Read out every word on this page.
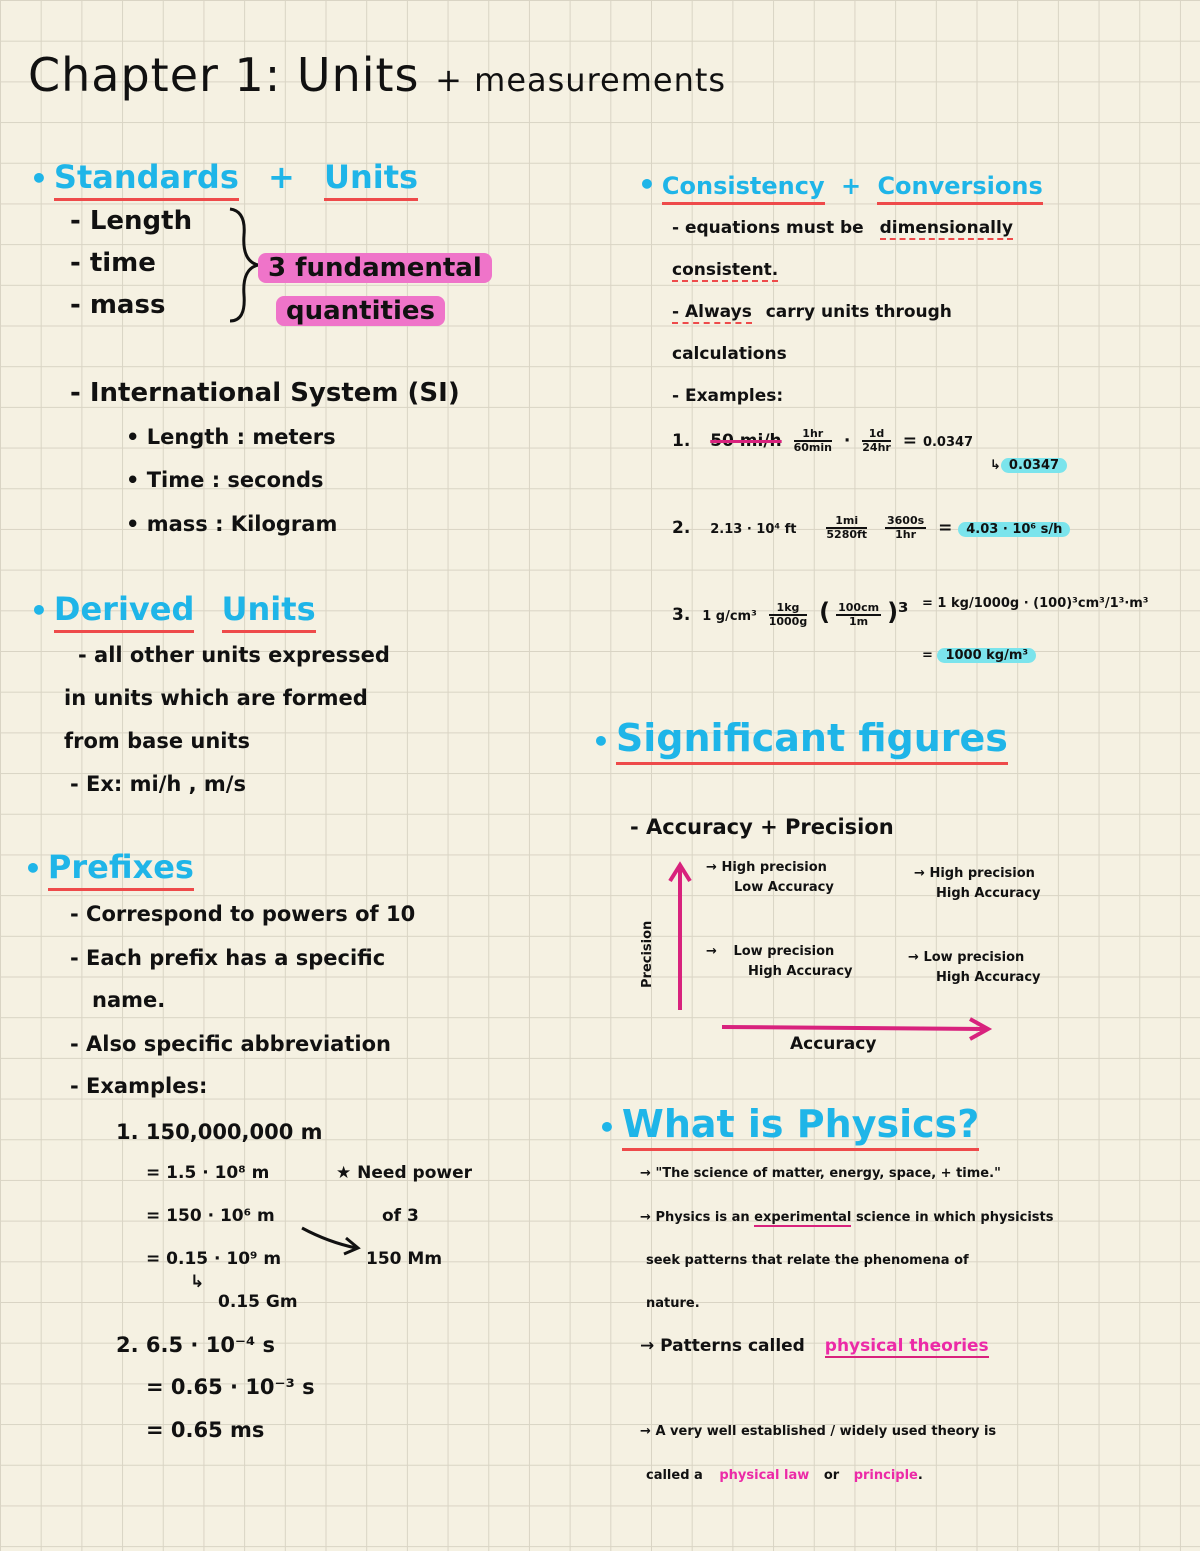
Chapter 1: Units + measurements
• Standards + Units
- Length
- time
- mass
3 fundamental
quantities
- International System (SI)
• Length : meters
• Time : seconds
• mass : Kilogram
• Derived Units
- all other units expressed
in units which are formed
from base units
- Ex: mi/h , m/s
• Prefixes
- Correspond to powers of 10
- Each prefix has a specific
name.
- Also specific abbreviation
- Examples:
1. 150,000,000 m
= 1.5 · 10⁸ m
= 150 · 10⁶ m
= 0.15 · 10⁹ m
↳
0.15 Gm
★ Need power
of 3
150 Mm
2. 6.5 · 10⁻⁴ s
= 0.65 · 10⁻³ s
= 0.65 ms
• Consistency + Conversions
- equations must be dimensionally
consistent.
- Always carry units through
calculations
- Examples:
1. 50 $mi/h \frac{1hr}{60\min} \cdot \frac{1d}{24hr} = 0.0347$
↳ 0.0347
2. 2.13 · 10⁴ ft	$\frac{1mi}{5280ft} \frac{3600s}{1hr} = 4.03 \cdot 10^6$ s/h
3. 1 $g/cm^3 \frac{1kg}{1000g}$ ( $\frac{100cm}{1m} )^3 = 1$ kg/1000g · (100)³cm³/1³·m³
= 1000 kg/m³
• Significant figures
- Accuracy + Precision
Precision
Accuracy
→ High precision
Low Accuracy
→ High precision
High Accuracy
→ Low precision
High Accuracy
→ Low precision
High Accuracy
• What is Physics?
→ "The science of matter, energy, space, + time."
→ Physics is an experimental science in which physicists
seek patterns that relate the phenomena of
nature.
→ Patterns called physical theories
→ A very well established / widely used theory is
called a physical law or principle.
